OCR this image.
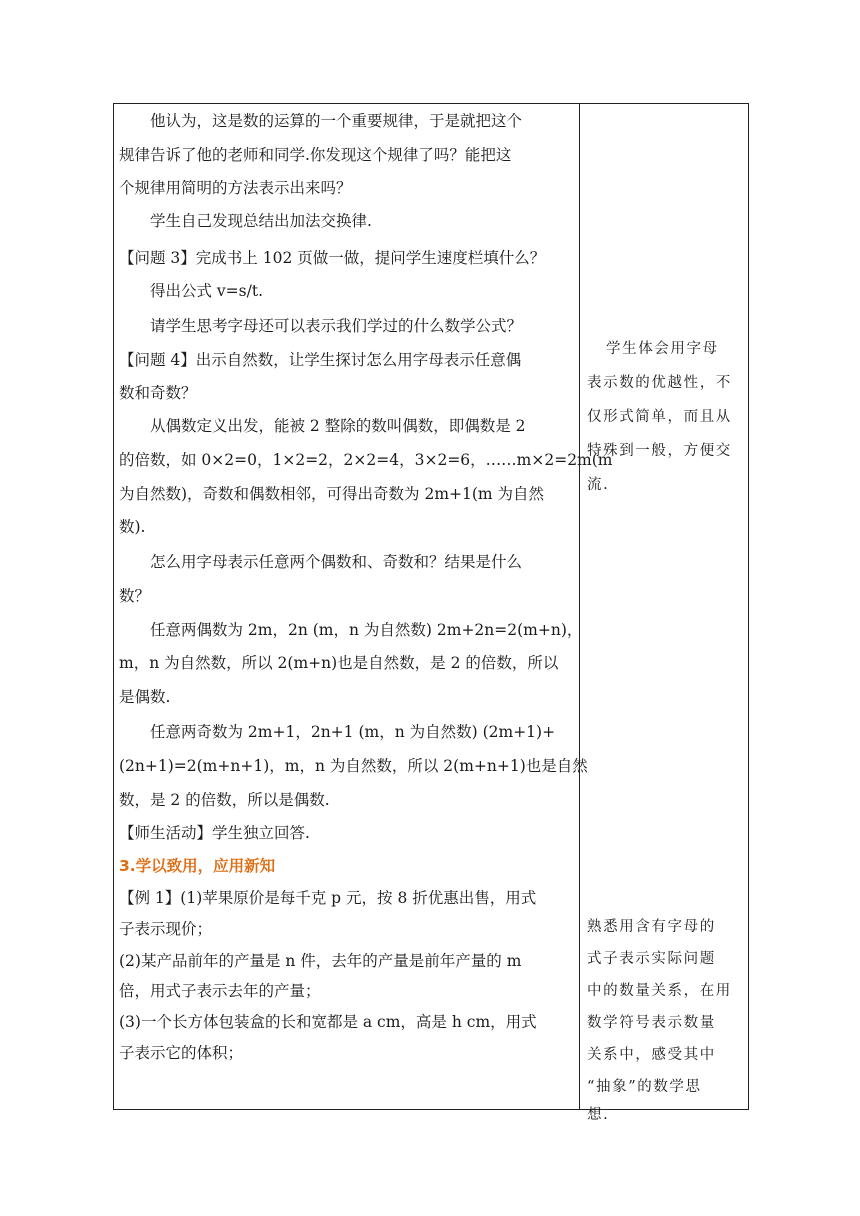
3.学以致用，应用新知
他认为，这是数的运算的一个重要规律，于是就把这个
规律告诉了他的老师和同学.你发现这个规律了吗？能把这
个规律用简明的方法表示出来吗？
学生自己发现总结出加法交换律.
【问题 3】完成书上 102 页做一做，提问学生速度栏填什么？
得出公式 v=s/t.
请学生思考字母还可以表示我们学过的什么数学公式？
【问题 4】出示自然数，让学生探讨怎么用字母表示任意偶
数和奇数？
从偶数定义出发，能被 2 整除的数叫偶数，即偶数是 2
的倍数，如 0×2=0，1×2=2，2×2=4，3×2=6，……m×2=2m(m
为自然数)，奇数和偶数相邻，可得出奇数为 2m+1(m 为自然
数).
怎么用字母表示任意两个偶数和、奇数和？结果是什么
数？
任意两偶数为 2m，2n (m，n 为自然数) 2m+2n=2(m+n)，
m，n 为自然数，所以 2(m+n)也是自然数，是 2 的倍数，所以
是偶数.
任意两奇数为 2m+1，2n+1 (m，n 为自然数) (2m+1)+
(2n+1)=2(m+n+1)，m，n 为自然数，所以 2(m+n+1)也是自然
数，是 2 的倍数，所以是偶数.
【师生活动】学生独立回答.
【例 1】(1)苹果原价是每千克 p 元，按 8 折优惠出售，用式
子表示现价；
(2)某产品前年的产量是 n 件，去年的产量是前年产量的 m
倍，用式子表示去年的产量；
(3)一个长方体包装盒的长和宽都是 a cm，高是 h cm，用式
子表示它的体积；
学生体会用字母
表示数的优越性，不
仅形式简单，而且从
特殊到一般，方便交
流.
熟悉用含有字母的
式子表示实际问题
中的数量关系，在用
数学符号表示数量
关系中，感受其中
“抽象”的数学思
想.
